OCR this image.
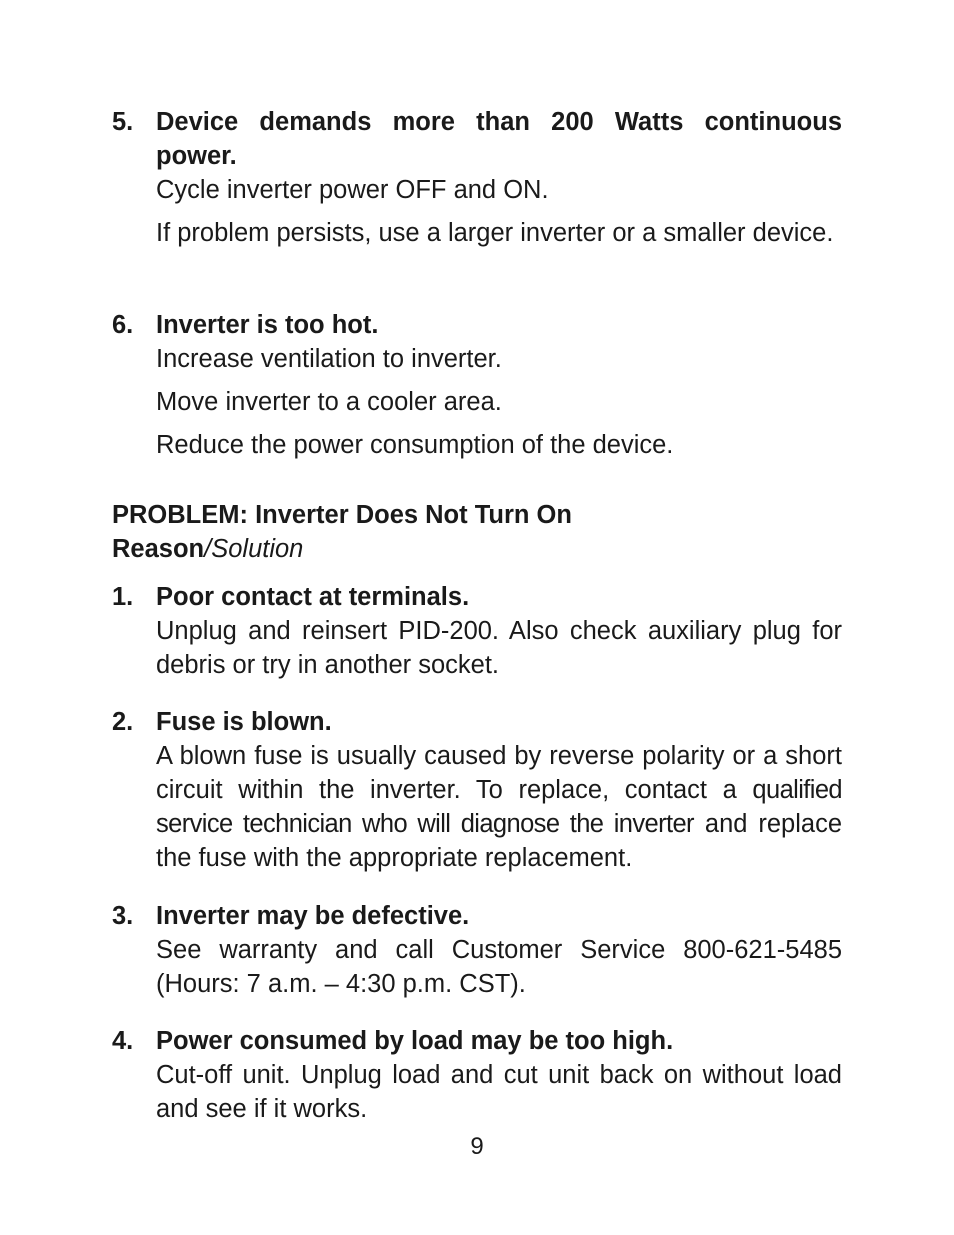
5. Device demands more than 200 Watts continuous power.

Cycle inverter power OFF and ON.

If problem persists, use a larger inverter or a smaller device.

6. Inverter is too hot.

Increase ventilation to inverter.

Move inverter to a cooler area.

Reduce the power consumption of the device.

PROBLEM: Inverter Does Not Turn On
Reason/Solution
1. Poor contact at terminals.

Unplug and reinsert PID-200. Also check auxiliary plug for debris or try in another socket.

2. Fuse is blown.

A blown fuse is usually caused by reverse polarity or a short circuit within the inverter. To replace, contact a qualified service technician who will diagnose the inverter and replace the fuse with the appropriate replacement.

3. Inverter may be defective.

See warranty and call Customer Service 800-621-5485 (Hours: 7 a.m. – 4:30 p.m. CST).

4. Power consumed by load may be too high.

Cut-off unit. Unplug load and cut unit back on without load and see if it works.

9
